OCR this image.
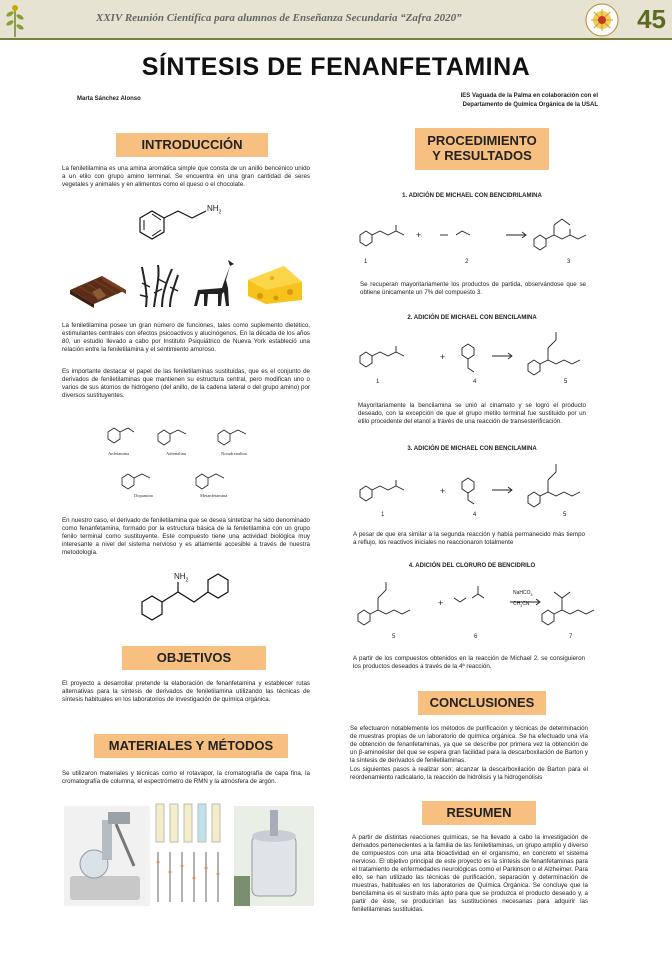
XXIV Reunión Científica para alumnos de Enseñanza Secundaria “Zafra 2020”	45
SÍNTESIS DE FENANFETAMINA
Marta Sánchez Alonso	IES Vaguada de la Palma en colaboración con el
Departamento de Química Orgánica de la USAL
INTRODUCCIÓN
La feniletilamina es una amina aromática simple que consta de un anillo bencénico unido a un etilo con grupo amino terminal. Se encuentra en una gran cantidad de seres vegetales y animales y en alimentos como el queso o el chocolate.
$NH_2$
La feniletilamina posee un gran número de funciones, tales como suplemento dietético, estimulantes centrales con efectos psicoactivos y alucinógenos. En la década de los años 80, un estudio llevado a cabo por Instituto Psiquiátrico de Nueva York estableció una relación entre la feniletilamina y el sentimiento amoroso.
Es importante destacar el papel de las feniletilaminas sustituidas, que es el conjunto de derivados de feniletilaminas que mantienen su estructura central, pero modifican uno o varios de sus átomos de hidrógeno (del anillo, de la cadena lateral o del grupo amino) por diversos sustituyentes.
Anfetamina	Adrenalina	Noradrenalina
Dopamina	Metanfetamina
En nuestro caso, el derivado de feniletilamina que se desea sintetizar ha sido denominado como fenanfetamina, formado por la estructura básica de la feniletilamina con un grupo fenilo terminal como sustituyente. Este compuesto tiene una actividad biológica muy interesante a nivel del sistema nervioso y es altamente accesible a través de nuestra metodología.
$NH_2$
OBJETIVOS
El proyecto a desarrollar pretende la elaboración de fenanfetamina y establecer rutas alternativas para la síntesis de derivados de feniletilamina utilizando las técnicas de síntesis habituales en los laboratorios de investigación de química orgánica.
MATERIALES Y MÉTODOS
Se utilizaron materiales y técnicas como el rotavapor, la cromatografía de capa fina, la cromatografía de columna, el espectrómetro de RMN y la atmósfera de argón.
PROCEDIMIENTO
Y RESULTADOS
1. ADICIÓN DE MICHAEL CON BENCIDRILAMINA
+
1	2	3
Se recuperan mayoritariamente los productos de partida, observándose que se obtiene únicamente un 7% del compuesto 3.
2. ADICIÓN DE MICHAEL CON BENCILAMINA
+
1	4	5
Mayoritariamente la bencilamina se unió al cinamato y se logró el producto deseado, con la excepción de que el grupo metilo terminal fue sustituido por un etilo procedente del etanol a través de una reacción de transesterificación.
3. ADICIÓN DE MICHAEL CON BENCILAMINA
+
1	4	5
A pesar de que era similar a la segunda reacción y había permanecido más tiempo a reflujo, los reactivos iniciales no reaccionaron totalmente
4. ADICIÓN DEL CLORURO DE BENCIDRILO
+
NaHCO$_3$
$CH_3CN$
5	6	7
A partir de los compuestos obtenidos en la reacción de Michael 2, se consiguieron los productos deseados a través de la 4ª reacción.
CONCLUSIONES
Se efectuaron notablemente los métodos de purificación y técnicas de determinación de muestras propias de un laboratorio de química orgánica. Se ha efectuado una vía de obtención de fenanfetaminas, ya que se describe por primera vez la obtención de un β-aminoéster del que se espera gran facilidad para la descarboxilación de Barton y la síntesis de derivados de feniletilaminas.
Los siguientes pasos a realizar son: alcanzar la descarboxilación de Barton para el reordenamiento radicalario, la reacción de hidrólisis y la hidrogenólisis
RESUMEN
A partir de distintas reacciones químicas, se ha llevado a cabo la investigación de derivados pertenecientes a la familia de las feniletilaminas, un grupo amplio y diverso de compuestos con una alta bioactividad en el organismo, en concreto el sistema nervioso. El objetivo principal de este proyecto es la síntesis de fenanfetaminas para el tratamiento de enfermedades neurológicas como el Parkinson o el Alzheimer. Para ello, se han utilizado las técnicas de purificación, separación y determinación de muestras, habituales en los laboratorios de Química Orgánica. Se concluye que la bencilamina es el sustrato más apto para que se produzca el producto deseado y, a partir de éste, se producirían las sustituciones necesarias para adquirir las feniletilaminas sustituidas.
